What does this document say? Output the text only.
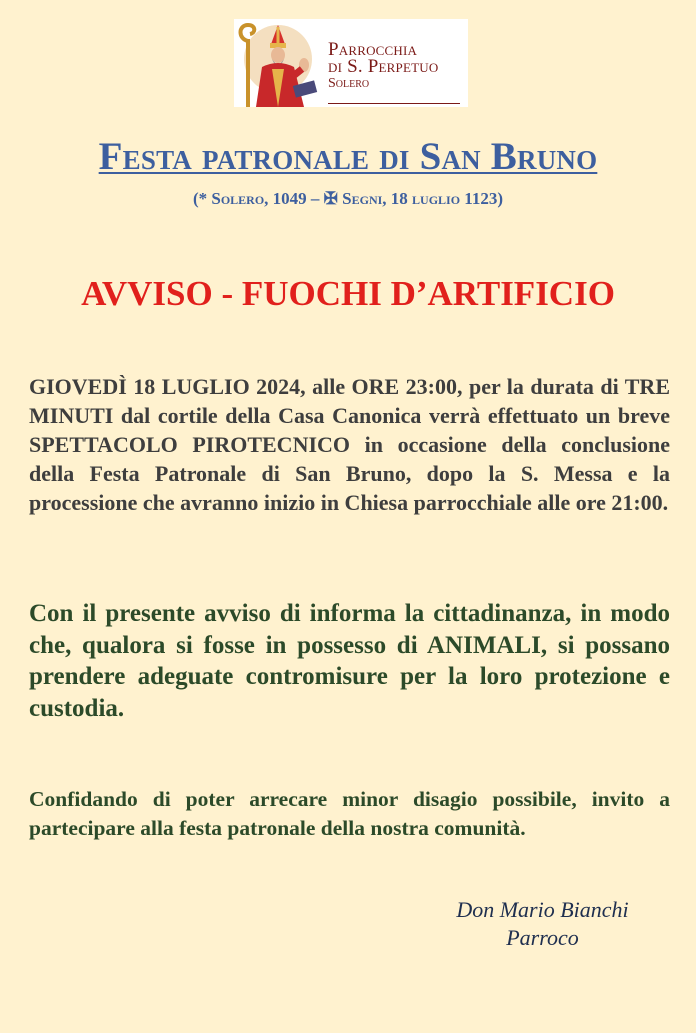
Parrocchia
di S. Perpetuo
Solero
Festa patronale di San Bruno

(* Solero, 1049 – ✠ Segni, 18 luglio 1123)

AVVISO - FUOCHI D’ARTIFICIO

GIOVEDÌ 18 LUGLIO 2024, alle ORE 23:00, per la durata di TRE MINUTI dal cortile della Casa Canonica verrà effettuato un breve SPETTACOLO PIROTECNICO in occasione della conclusione della Festa Patronale di San Bruno, dopo la S. Messa e la processione che avranno inizio in Chiesa parrocchiale alle ore 21:00.

Con il presente avviso di informa la cittadinanza, in modo che, qualora si fosse in possesso di ANIMALI, si possano prendere adeguate contromisure per la loro protezione e custodia.

Confidando di poter arrecare minor disagio possibile, invito a partecipare alla festa patronale della nostra comunità.

Don Mario Bianchi
Parroco
